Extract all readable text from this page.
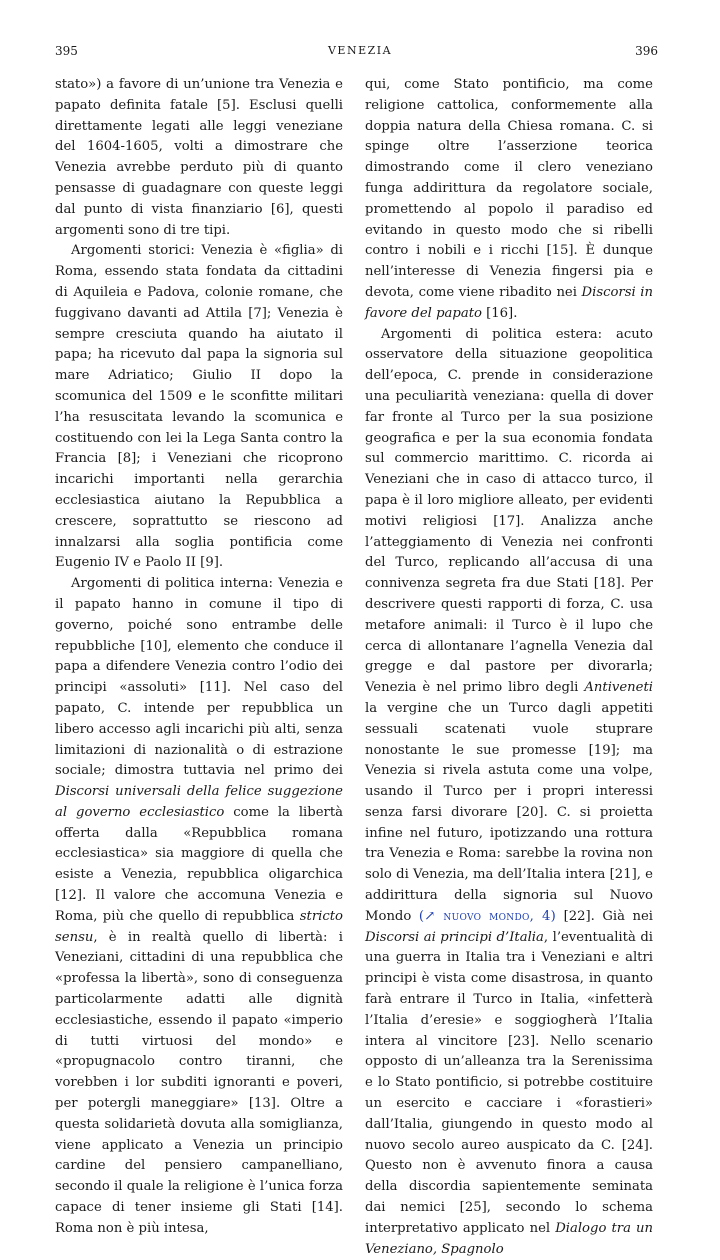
395	VENEZIA	396

stato») a favore di un’unione tra Venezia e papato definita fatale [5]. Esclusi quelli direttamente legati alle leggi veneziane del 1604-1605, volti a dimostrare che Venezia avrebbe perduto più di quanto pensasse di guadagnare con queste leggi dal punto di vista finanziario [6], questi argomenti sono di tre tipi.

Argomenti storici: Venezia è «figlia» di Roma, essendo stata fondata da cittadini di Aquileia e Padova, colonie romane, che fuggivano davanti ad Attila [7]; Venezia è sempre cresciuta quando ha aiutato il papa; ha ricevuto dal papa la signoria sul mare Adriatico; Giulio II dopo la scomunica del 1509 e le sconfitte militari l’ha resuscitata levando la scomunica e costituendo con lei la Lega Santa contro la Francia [8]; i Veneziani che ricoprono incarichi importanti nella gerarchia ecclesiastica aiutano la Repubblica a crescere, soprattutto se riescono ad innalzarsi alla soglia pontificia come Eugenio IV e Paolo II [9].

Argomenti di politica interna: Venezia e il papato hanno in comune il tipo di governo, poiché sono entrambe delle repubbliche [10], elemento che conduce il papa a difendere Venezia contro l’odio dei principi «assoluti» [11]. Nel caso del papato, C. intende per repubblica un libero accesso agli incarichi più alti, senza limitazioni di nazionalità o di estrazione sociale; dimostra tuttavia nel primo dei Discorsi universali della felice suggezione al governo ecclesiastico come la libertà offerta dalla «Repubblica romana ecclesiastica» sia maggiore di quella che esiste a Venezia, repubblica oligarchica [12]. Il valore che accomuna Venezia e Roma, più che quello di repubblica stricto sensu, è in realtà quello di libertà: i Veneziani, cittadini di una repubblica che «professa la libertà», sono di conseguenza particolarmente adatti alle dignità ecclesiastiche, essendo il papato «imperio di tutti virtuosi del mondo» e «propugnacolo contro tiranni, che vorebben i lor subditi ignoranti e poveri, per potergli maneggiare» [13]. Oltre a questa solidarietà dovuta alla somiglianza, viene applicato a Venezia un principio cardine del pensiero campanelliano, secondo il quale la religione è l’unica forza capace di tener insieme gli Stati [14]. Roma non è più intesa,

qui, come Stato pontificio, ma come religione cattolica, conformemente alla doppia natura della Chiesa romana. C. si spinge oltre l’asserzione teorica dimostrando come il clero veneziano funga addirittura da regolatore sociale, promettendo al popolo il paradiso ed evitando in questo modo che si ribelli contro i nobili e i ricchi [15]. È dunque nell’interesse di Venezia fingersi pia e devota, come viene ribadito nei Discorsi in favore del papato [16].

Argomenti di politica estera: acuto osservatore della situazione geopolitica dell’epoca, C. prende in considerazione una peculiarità veneziana: quella di dover far fronte al Turco per la sua posizione geografica e per la sua economia fondata sul commercio marittimo. C. ricorda ai Veneziani che in caso di attacco turco, il papa è il loro migliore alleato, per evidenti motivi religiosi [17]. Analizza anche l’atteggiamento di Venezia nei confronti del Turco, replicando all’accusa di una connivenza segreta fra due Stati [18]. Per descrivere questi rapporti di forza, C. usa metafore animali: il Turco è il lupo che cerca di allontanare l’agnella Venezia dal gregge e dal pastore per divorarla; Venezia è nel primo libro degli Antiveneti la vergine che un Turco dagli appetiti sessuali scatenati vuole stuprare nonostante le sue promesse [19]; ma Venezia si rivela astuta come una volpe, usando il Turco per i propri interessi senza farsi divorare [20]. C. si proietta infine nel futuro, ipotizzando una rottura tra Venezia e Roma: sarebbe la rovina non solo di Venezia, ma dell’Italia intera [21], e addirittura della signoria sul Nuovo Mondo (↗ nuovo mondo, 4) [22]. Già nei Discorsi ai principi d’Italia, l’eventualità di una guerra in Italia tra i Veneziani e altri principi è vista come disastrosa, in quanto farà entrare il Turco in Italia, «infetterà l’Italia d’eresie» e soggiogherà l’Italia intera al vincitore [23]. Nello scenario opposto di un’alleanza tra la Serenissima e lo Stato pontificio, si potrebbe costituire un esercito e cacciare i «forastieri» dall’Italia, giungendo in questo modo al nuovo secolo aureo auspicato da C. [24]. Questo non è avvenuto finora a causa della discordia sapientemente seminata dai nemici [25], secondo lo schema interpretativo applicato nel Dialogo tra un Veneziano, Spagnolo
